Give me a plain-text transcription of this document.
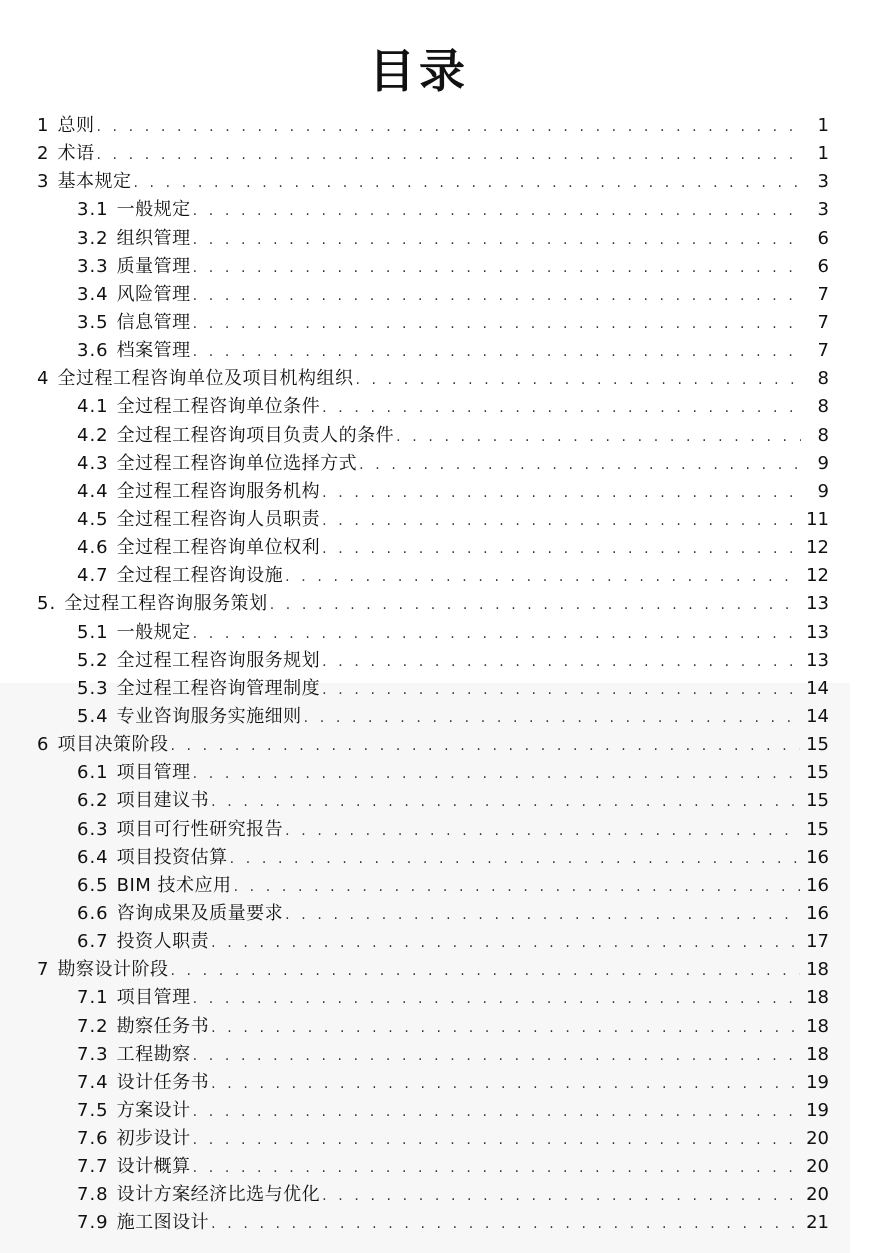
目录
1 总则 . . .	1
2 术语 . . .	1
3 基本规定 . . .	3
3.1 一般规定 . . .	3
3.2 组织管理 . . .	6
3.3 质量管理 . . .	6
3.4 风险管理 . . .	7
3.5 信息管理 . . .	7
3.6 档案管理 . . .	7
4 全过程工程咨询单位及项目机构组织 . . .	8
4.1 全过程工程咨询单位条件 . . .	8
4.2 全过程工程咨询项目负责人的条件 . . .	8
4.3 全过程工程咨询单位选择方式 . . .	9
4.4 全过程工程咨询服务机构 . . .	9
4.5 全过程工程咨询人员职责 . . .	11
4.6 全过程工程咨询单位权利 . . .	12
4.7 全过程工程咨询设施 . . .	12
5. 全过程工程咨询服务策划 . . .	13
5.1 一般规定 . . .	13
5.2 全过程工程咨询服务规划 . . .	13
5.3 全过程工程咨询管理制度 . . .	14
5.4 专业咨询服务实施细则 . . .	14
6 项目决策阶段 . . .	15
6.1 项目管理 . . .	15
6.2 项目建议书 . . .	15
6.3 项目可行性研究报告 . . .	15
6.4 项目投资估算 . . .	16
6.5 BIM 技术应用 . . .	16
6.6 咨询成果及质量要求 . . .	16
6.7 投资人职责 . . .	17
7 勘察设计阶段 . . .	18
7.1 项目管理 . . .	18
7.2 勘察任务书 . . .	18
7.3 工程勘察 . . .	18
7.4 设计任务书 . . .	19
7.5 方案设计 . . .	19
7.6 初步设计 . . .	20
7.7 设计概算 . . .	20
7.8 设计方案经济比选与优化 . . .	20
7.9 施工图设计 . . .	21
